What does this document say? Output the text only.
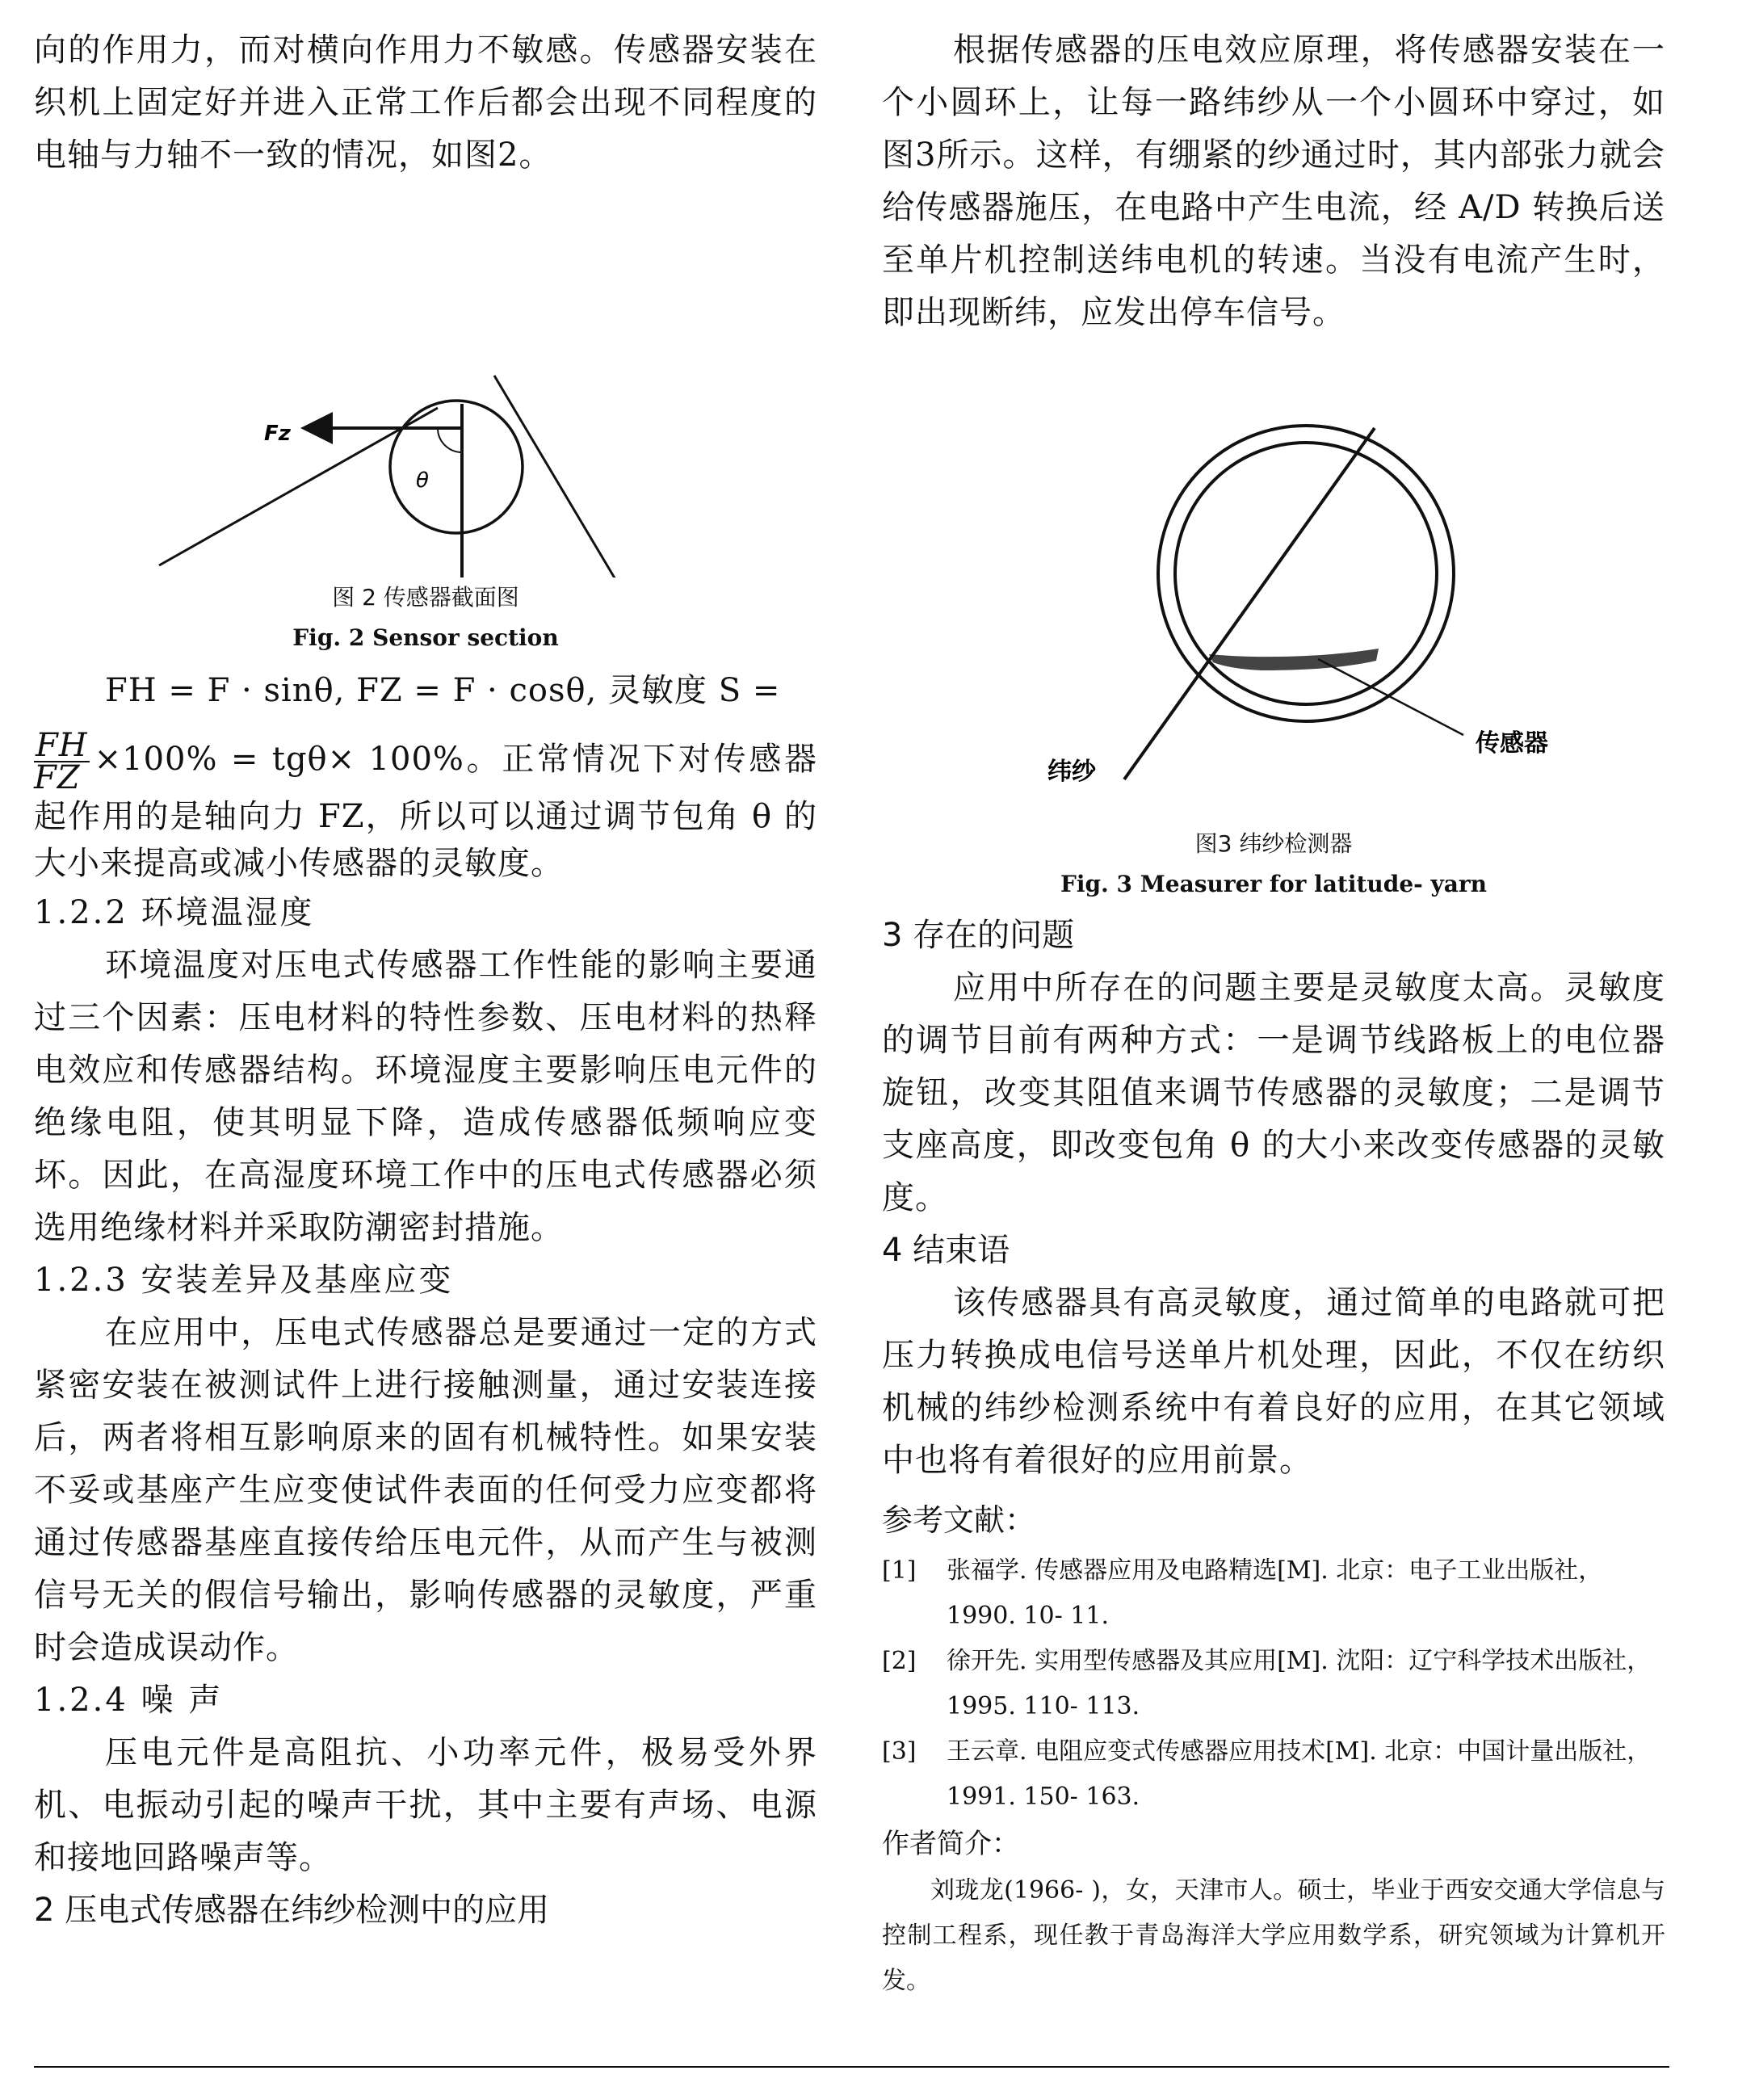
向的作用力，而对横向作用力不敏感。传感器安装在织机上固定好并进入正常工作后都会出现不同程度的电轴与力轴不一致的情况，如图2。

Fz
θ

图 2 传感器截面图

Fig. 2 Sensor section

FH = F · sinθ, FZ = F · cosθ, 灵敏度 S =

$\frac{FH}{FZ} \times 100\% = tg\theta\times 100\%$。正常情况下对传感器起作用的是轴向力 FZ，所以可以通过调节包角 θ 的大小来提高或减小传感器的灵敏度。

1.2.2 环境温湿度

环境温度对压电式传感器工作性能的影响主要通过三个因素：压电材料的特性参数、压电材料的热释电效应和传感器结构。环境湿度主要影响压电元件的绝缘电阻，使其明显下降，造成传感器低频响应变坏。因此，在高湿度环境工作中的压电式传感器必须选用绝缘材料并采取防潮密封措施。

1.2.3 安装差异及基座应变

在应用中，压电式传感器总是要通过一定的方式紧密安装在被测试件上进行接触测量，通过安装连接后，两者将相互影响原来的固有机械特性。如果安装不妥或基座产生应变使试件表面的任何受力应变都将通过传感器基座直接传给压电元件，从而产生与被测信号无关的假信号输出，影响传感器的灵敏度，严重时会造成误动作。

1.2.4 噪 声

压电元件是高阻抗、小功率元件，极易受外界机、电振动引起的噪声干扰，其中主要有声场、电源和接地回路噪声等。

2 压电式传感器在纬纱检测中的应用

根据传感器的压电效应原理，将传感器安装在一个小圆环上，让每一路纬纱从一个小圆环中穿过，如图3所示。这样，有绷紧的纱通过时，其内部张力就会给传感器施压，在电路中产生电流，经 A/D 转换后送至单片机控制送纬电机的转速。当没有电流产生时，即出现断纬，应发出停车信号。

传感器
纬纱

图3 纬纱检测器

Fig. 3 Measurer for latitude- yarn

3 存在的问题

应用中所存在的问题主要是灵敏度太高。灵敏度的调节目前有两种方式：一是调节线路板上的电位器旋钮，改变其阻值来调节传感器的灵敏度；二是调节支座高度，即改变包角 θ 的大小来改变传感器的灵敏度。

4 结束语

该传感器具有高灵敏度，通过简单的电路就可把压力转换成电信号送单片机处理，因此，不仅在纺织机械的纬纱检测系统中有着良好的应用，在其它领域中也将有着很好的应用前景。

参考文献：

[1]	张福学. 传感器应用及电路精选[M]. 北京：电子工业出版社，1990. 10- 11.
[2]	徐开先. 实用型传感器及其应用[M]. 沈阳：辽宁科学技术出版社，1995. 110- 113.
[3]	王云章. 电阻应变式传感器应用技术[M]. 北京：中国计量出版社，1991. 150- 163.

作者简介：

刘珑龙(1966- )，女，天津市人。硕士，毕业于西安交通大学信息与控制工程系，现任教于青岛海洋大学应用数学系，研究领域为计算机开发。
